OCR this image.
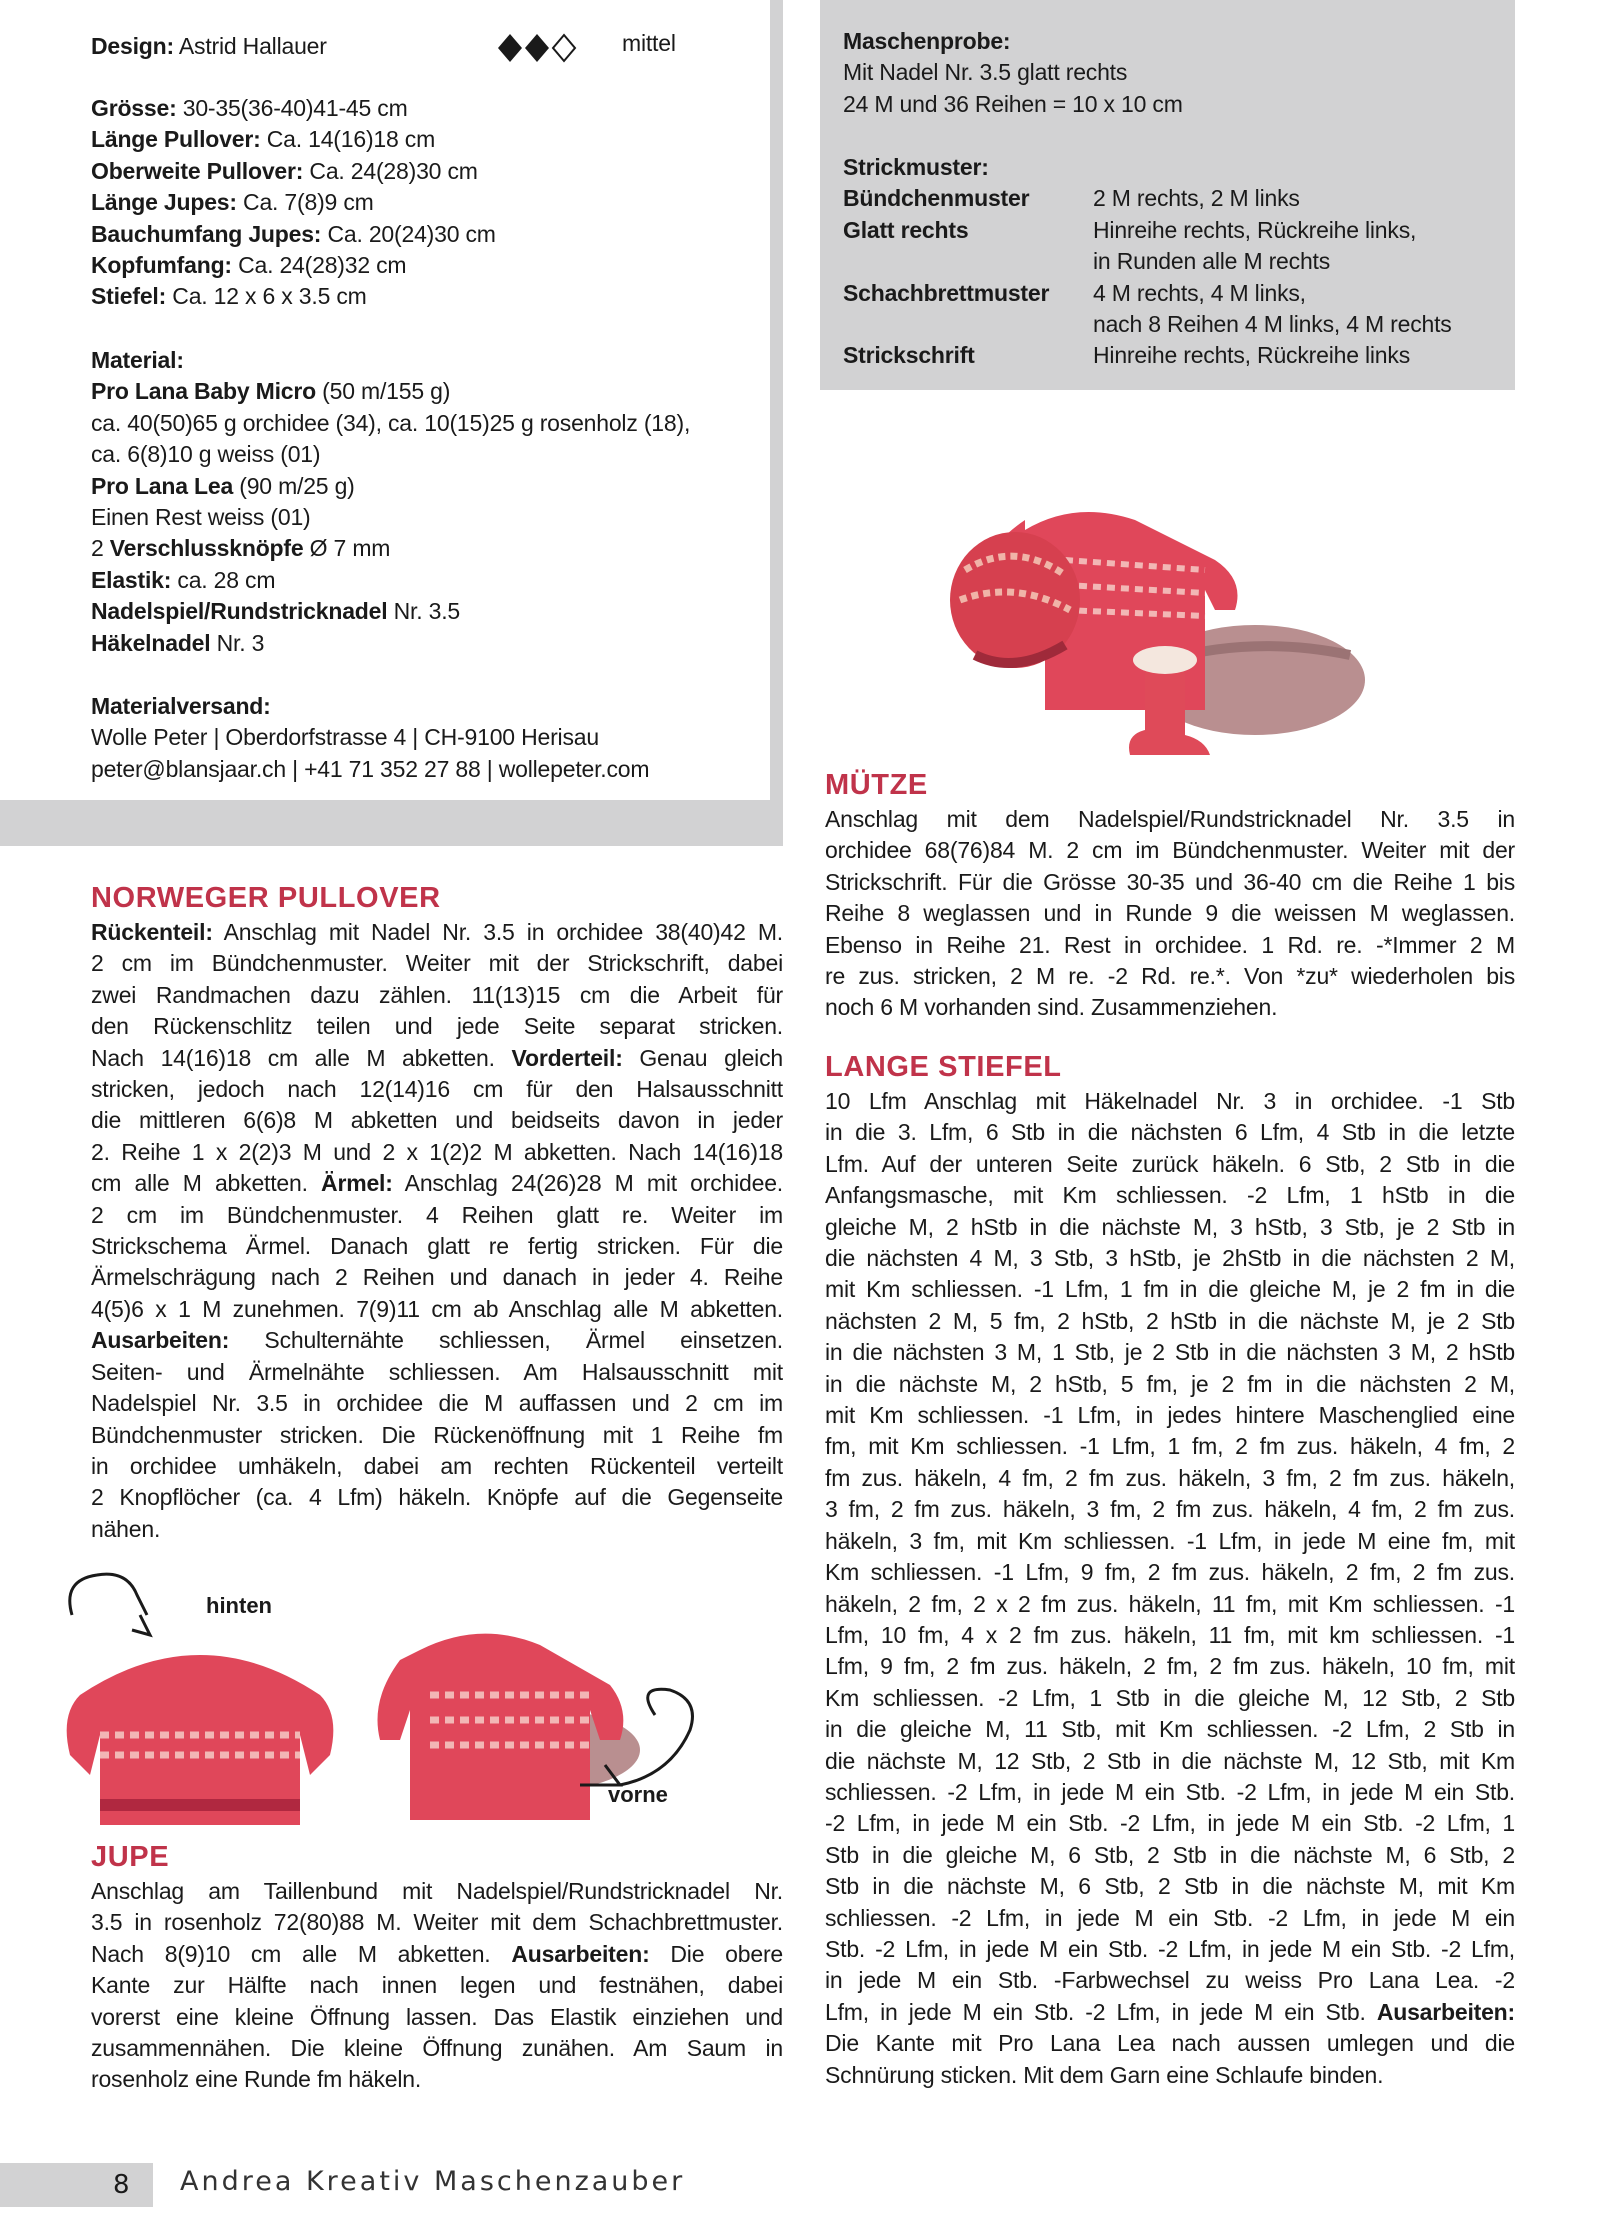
Design: Astrid Hallauer	mittel
Grösse: 30-35(36-40)41-45 cm
Länge Pullover: Ca. 14(16)18 cm
Oberweite Pullover: Ca. 24(28)30 cm
Länge Jupes: Ca. 7(8)9 cm
Bauchumfang Jupes: Ca. 20(24)30 cm
Kopfumfang: Ca. 24(28)32 cm
Stiefel: Ca. 12 x 6 x 3.5 cm
Material:
Pro Lana Baby Micro (50 m/155 g)
ca. 40(50)65 g orchidee (34), ca. 10(15)25 g rosenholz (18),
ca. 6(8)10 g weiss (01)
Pro Lana Lea (90 m/25 g)
Einen Rest weiss (01)
2 Verschlussknöpfe Ø 7 mm
Elastik: ca. 28 cm
Nadelspiel/Rundstricknadel Nr. 3.5
Häkelnadel Nr. 3
Materialversand:
Wolle Peter | Oberdorfstrasse 4 | CH-9100 Herisau
peter@blansjaar.ch | +41 71 352 27 88 | wollepeter.com
Maschenprobe:
Mit Nadel Nr. 3.5 glatt rechts
24 M und 36 Reihen = 10 x 10 cm
Strickmuster:
Bündchenmuster	2 M rechts, 2 M links
Glatt rechts	Hinreihe rechts, Rückreihe links,
in Runden alle M rechts
Schachbrettmuster	4 M rechts, 4 M links,
nach 8 Reihen 4 M links, 4 M rechts
Strickschrift	Hinreihe rechts, Rückreihe links
NORWEGER PULLOVER
Rückenteil: Anschlag mit Nadel Nr. 3.5 in orchidee 38(40)42 M.
2 cm im Bündchenmuster. Weiter mit der Strickschrift, dabei
zwei Randmachen dazu zählen. 11(13)15 cm die Arbeit für
den Rückenschlitz teilen und jede Seite separat stricken.
Nach 14(16)18 cm alle M abketten. Vorderteil: Genau gleich
stricken, jedoch nach 12(14)16 cm für den Halsausschnitt
die mittleren 6(6)8 M abketten und beidseits davon in jeder
2. Reihe 1 x 2(2)3 M und 2 x 1(2)2 M abketten. Nach 14(16)18
cm alle M abketten. Ärmel: Anschlag 24(26)28 M mit orchidee.
2 cm im Bündchenmuster. 4 Reihen glatt re. Weiter im
Strickschema Ärmel. Danach glatt re fertig stricken. Für die
Ärmelschrägung nach 2 Reihen und danach in jeder 4. Reihe
4(5)6 x 1 M zunehmen. 7(9)11 cm ab Anschlag alle M abketten.
Ausarbeiten: Schulternähte schliessen, Ärmel einsetzen.
Seiten- und Ärmelnähte schliessen. Am Halsausschnitt mit
Nadelspiel Nr. 3.5 in orchidee die M auffassen und 2 cm im
Bündchenmuster stricken. Die Rückenöffnung mit 1 Reihe fm
in orchidee umhäkeln, dabei am rechten Rückenteil verteilt
2 Knopflöcher (ca. 4 Lfm) häkeln. Knöpfe auf die Gegenseite
nähen.
hinten
vorne
JUPE
Anschlag am Taillenbund mit Nadelspiel/Rundstricknadel Nr.
3.5 in rosenholz 72(80)88 M. Weiter mit dem Schachbrettmuster.
Nach 8(9)10 cm alle M abketten. Ausarbeiten: Die obere
Kante zur Hälfte nach innen legen und festnähen, dabei
vorerst eine kleine Öffnung lassen. Das Elastik einziehen und
zusammennähen. Die kleine Öffnung zunähen. Am Saum in
rosenholz eine Runde fm häkeln.
MÜTZE
Anschlag mit dem Nadelspiel/Rundstricknadel Nr. 3.5 in
orchidee 68(76)84 M. 2 cm im Bündchenmuster. Weiter mit der
Strickschrift. Für die Grösse 30-35 und 36-40 cm die Reihe 1 bis
Reihe 8 weglassen und in Runde 9 die weissen M weglassen.
Ebenso in Reihe 21. Rest in orchidee. 1 Rd. re. -*Immer 2 M
re zus. stricken, 2 M re. -2 Rd. re.*. Von *zu* wiederholen bis
noch 6 M vorhanden sind. Zusammenziehen.
LANGE STIEFEL
10 Lfm Anschlag mit Häkelnadel Nr. 3 in orchidee. -1 Stb
in die 3. Lfm, 6 Stb in die nächsten 6 Lfm, 4 Stb in die letzte
Lfm. Auf der unteren Seite zurück häkeln. 6 Stb, 2 Stb in die
Anfangsmasche, mit Km schliessen. -2 Lfm, 1 hStb in die
gleiche M, 2 hStb in die nächste M, 3 hStb, 3 Stb, je 2 Stb in
die nächsten 4 M, 3 Stb, 3 hStb, je 2hStb in die nächsten 2 M,
mit Km schliessen. -1 Lfm, 1 fm in die gleiche M, je 2 fm in die
nächsten 2 M, 5 fm, 2 hStb, 2 hStb in die nächste M, je 2 Stb
in die nächsten 3 M, 1 Stb, je 2 Stb in die nächsten 3 M, 2 hStb
in die nächste M, 2 hStb, 5 fm, je 2 fm in die nächsten 2 M,
mit Km schliessen. -1 Lfm, in jedes hintere Maschenglied eine
fm, mit Km schliessen. -1 Lfm, 1 fm, 2 fm zus. häkeln, 4 fm, 2
fm zus. häkeln, 4 fm, 2 fm zus. häkeln, 3 fm, 2 fm zus. häkeln,
3 fm, 2 fm zus. häkeln, 3 fm, 2 fm zus. häkeln, 4 fm, 2 fm zus.
häkeln, 3 fm, mit Km schliessen. -1 Lfm, in jede M eine fm, mit
Km schliessen. -1 Lfm, 9 fm, 2 fm zus. häkeln, 2 fm, 2 fm zus.
häkeln, 2 fm, 2 x 2 fm zus. häkeln, 11 fm, mit Km schliessen. -1
Lfm, 10 fm, 4 x 2 fm zus. häkeln, 11 fm, mit km schliessen. -1
Lfm, 9 fm, 2 fm zus. häkeln, 2 fm, 2 fm zus. häkeln, 10 fm, mit
Km schliessen. -2 Lfm, 1 Stb in die gleiche M, 12 Stb, 2 Stb
in die gleiche M, 11 Stb, mit Km schliessen. -2 Lfm, 2 Stb in
die nächste M, 12 Stb, 2 Stb in die nächste M, 12 Stb, mit Km
schliessen. -2 Lfm, in jede M ein Stb. -2 Lfm, in jede M ein Stb.
-2 Lfm, in jede M ein Stb. -2 Lfm, in jede M ein Stb. -2 Lfm, 1
Stb in die gleiche M, 6 Stb, 2 Stb in die nächste M, 6 Stb, 2
Stb in die nächste M, 6 Stb, 2 Stb in die nächste M, mit Km
schliessen. -2 Lfm, in jede M ein Stb. -2 Lfm, in jede M ein
Stb. -2 Lfm, in jede M ein Stb. -2 Lfm, in jede M ein Stb. -2 Lfm,
in jede M ein Stb. -Farbwechsel zu weiss Pro Lana Lea. -2
Lfm, in jede M ein Stb. -2 Lfm, in jede M ein Stb. Ausarbeiten:
Die Kante mit Pro Lana Lea nach aussen umlegen und die
Schnürung sticken. Mit dem Garn eine Schlaufe binden.
8 Andrea Kreativ Maschenzauber
